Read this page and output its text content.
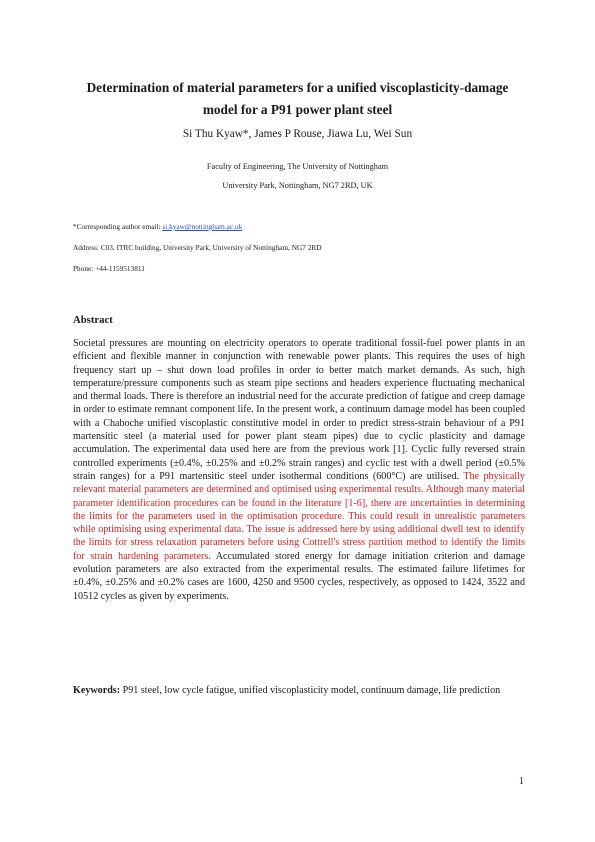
Determination of material parameters for a unified viscoplasticity-damage
model for a P91 power plant steel
Si Thu Kyaw*, James P Rouse, Jiawa Lu, Wei Sun
Faculty of Engineering, The University of Nottingham
University Park, Nottingham, NG7 2RD, UK
*Corresponding author email: si.kyaw@nottingham.ac.uk
Address: C03, ITRC building, University Park, University of Nottingham, NG7 2RD
Phone: +44-1159513811
Abstract
Societal pressures are mounting on electricity operators to operate traditional fossil-fuel power plants in an efficient and flexible manner in conjunction with renewable power plants. This requires the uses of high frequency start up – shut down load profiles in order to better match market demands. As such, high temperature/pressure components such as steam pipe sections and headers experience fluctuating mechanical and thermal loads. There is therefore an industrial need for the accurate prediction of fatigue and creep damage in order to estimate remnant component life. In the present work, a continuum damage model has been coupled with a Chaboche unified viscoplastic constitutive model in order to predict stress-strain behaviour of a P91 martensitic steel (a material used for power plant steam pipes) due to cyclic plasticity and damage accumulation. The experimental data used here are from the previous work [1]. Cyclic fully reversed strain controlled experiments (±0.4%, ±0.25% and ±0.2% strain ranges) and cyclic test with a dwell period (±0.5% strain ranges) for a P91 martensitic steel under isothermal conditions (600°C) are utilised. The physically relevant material parameters are determined and optimised using experimental results. Although many material parameter identification procedures can be found in the literature [1-6], there are uncertainties in determining the limits for the parameters used in the optimisation procedure. This could result in unrealistic parameters while optimising using experimental data. The issue is addressed here by using additional dwell test to identify the limits for stress relaxation parameters before using Cottrell's stress partition method to identify the limits for strain hardening parameters. Accumulated stored energy for damage initiation criterion and damage evolution parameters are also extracted from the experimental results. The estimated failure lifetimes for ±0.4%, ±0.25% and ±0.2% cases are 1600, 4250 and 9500 cycles, respectively, as opposed to 1424, 3522 and 10512 cycles as given by experiments.
Keywords: P91 steel, low cycle fatigue, unified viscoplasticity model, continuum damage, life prediction
1
